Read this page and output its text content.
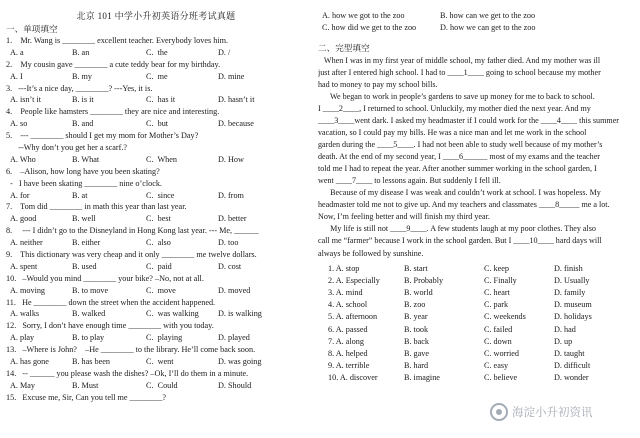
北京 101 中学小升初英语分班考试真题
一、单项填空
1.    Mr. Wang is ________ excellent teacher. Everybody loves him.
A. a	B. an	C.  the	D. /
2.    My cousin gave ________ a cute teddy bear for my birthday.
A. I	B. my	C.  me	D. mine
3.   ---It’s a nice day, ________? ---Yes, it is.
A. isn’t it	B. is it	C.  has it	D. hasn’t it
4.    People like hamsters ________ they are nice and interesting.
A. so	B. and	C.  but	D. because
5.    --- ________ should I get my mom for Mother’s Day?
--Why don’t you get her a scarf.?
A. Who	B. What	C.  When	D. How
6.    –Alison, how long have you been skating?
-   I have been skating ________ nine o’clock.
A. for	B. at	C.  since	D. from
7.    Tom did ________ in math this year than last year.
A. good	B. well	C.  best	D. better
8.     --- I didn’t go to the Disneyland in Hong Kong last year. --- Me, ______
A. neither	B. either	C.  also	D. too
9.    This dictionary was very cheap and it only ________ me twelve dollars.
A. spent	B. used	C.  paid	D. cost
10.   –Would you mind ________ your bike? –No, not at all.
A. moving	B. to move	C.  move	D. moved
11.   He ________ down the street when the accident happened.
A. walks	B. walked	C.  was walking D. is walking
12.   Sorry, I don’t have enough time ________ with you today.
A. play	B. to play	C.  playing	D. played
13.   –Where is John?    –He ________ to the library. He’ll come back soon.
A. has gone	B. has been	C.  went	D. was going
14.   -- ______ you please wash the dishes? –Ok, I’ll do them in a minute.
A. May	B. Must	C.  Could	D. Should
15.   Excuse me, Sir, Can you tell me ________?
A. how we got to the zoo	B. how can we get to the zoo
C. how did we get to the zoo	D. how we can get to the zoo
二、完型填空
When I was in my first year of middle school, my father died. And my mother was ill
just after I entered high school. I had to ____1____ going to school because my mother
had to money to pay my school bills.
We began to work in people’s gardens to save up money for me to back to school.
I ____2____, I returned to school. Unluckily, my mother died the next year. And my
____3____went dark. I asked my headmaster if I could work for the ____4____ this summer
vacation, so I could pay my bills. He was a nice man and let me work in the school
garden during the ____5____. I had not been able to study well because of my mother’s
death. At the end of my second year, I ____6______ most of my exams and the teacher
told me I had to repeat the year. After another summer working in the school garden, I
went ____7____ to lessons again. But suddenly I fell ill.
Because of my disease I was weak and couldn’t work at school. I was hopeless. My
headmaster told me not to give up. And my teachers and classmates ____8_____ me a lot.
Now, I’m feeling better and will finish my third year.
My life is still not ____9____. A few students laugh at my poor clothes. They also
call me “farmer” because I work in the school garden. But I ____10____ hard days will
always be followed by sunshine.
1. A. stop	B. start	C. keep	D. finish
2. A. Especially	B. Probably	C. Finally	D. Usually
3. A. mind	B. world	C. heart	D. family
4. A. school	B. zoo	C. park	D. museum
5. A. afternoon	B. year	C. weekends	D. holidays
6. A. passed	B. took	C. failed	D. had
7. A. along	B. back	C. down	D. up
8. A. helped	B. gave	C. worried	D. taught
9. A. terrible	B. hard	C. easy	D. difficult
10. A. discover	B. imagine	C. believe	D. wonder
海淀小升初资讯
